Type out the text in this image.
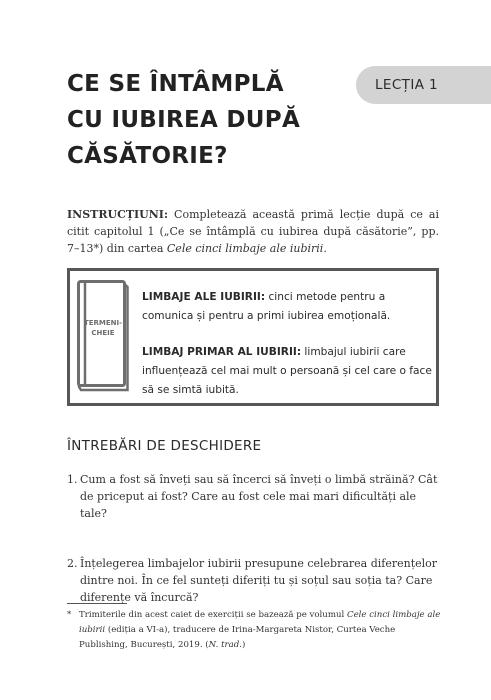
CE SE ÎNTÂMPLĂ
CU IUBIREA DUPĂ
CĂSĂTORIE?
LECȚIA 1

INSTRUCȚIUNI: Completează această primă lecție după ce ai citit capitolul 1 („Ce se întâmplă cu iubirea după căsătorie”, pp. 7–13*) din cartea Cele cinci limbaje ale iubirii.

TERMENI-
CHEIE
LIMBAJE ALE IUBIRII: cinci metode pentru a comunica și pentru a primi iubirea emoțională.
LIMBAJ PRIMAR AL IUBIRII: limbajul iubirii care influențează cel mai mult o persoană și cel care o face să se simtă iubită.
ÎNTREBĂRI DE DESCHIDERE
1. Cum a fost să înveți sau să încerci să înveți o limbă străină? Cât de priceput ai fost? Care au fost cele mai mari dificultăți ale tale?
2. Înțelegerea limbajelor iubirii presupune celebrarea diferențelor dintre noi. În ce fel sunteți diferiți tu și soțul sau soția ta? Care diferențe vă încurcă?
* Trimiterile din acest caiet de exerciții se bazează pe volumul Cele cinci limbaje ale iubirii (ediția a VI-a), traducere de Irina-Margareta Nistor, Curtea Veche Publishing, București, 2019. (N. trad.)
